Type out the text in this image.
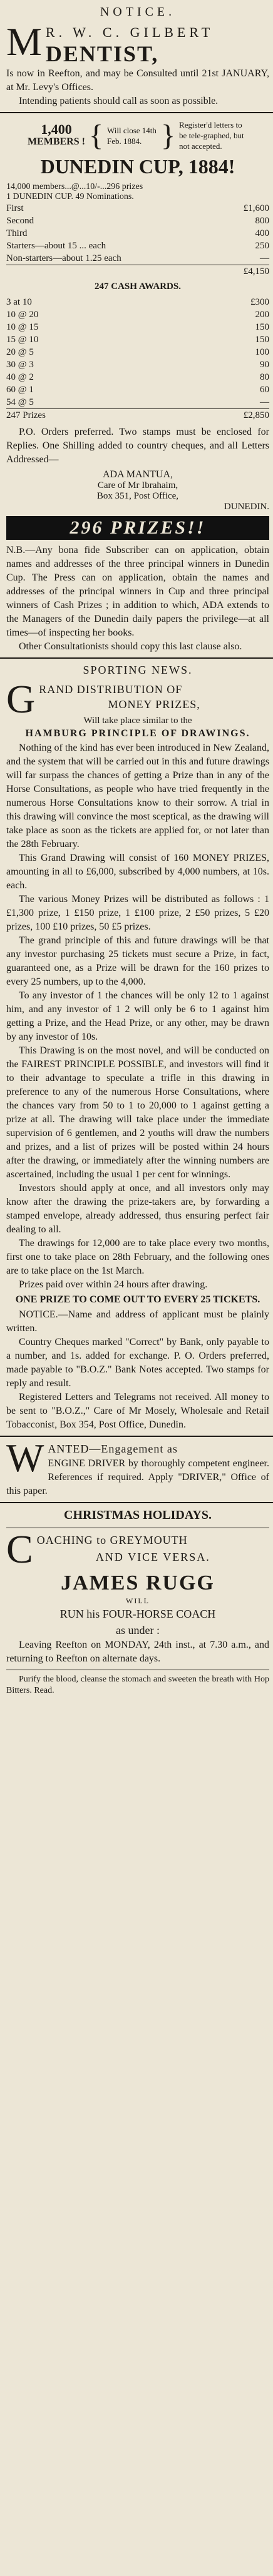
NOTICE.
M R. W. C. GILBERT
DENTIST,

Is now in Reefton, and may be Consulted until 21st JANUARY, at Mr. Levy's Offices.

Intending patients should call as soon as possible.

1,400
MEMBERS ! { Will close 14th Feb. 1884. } Register'd letters to be tele-graphed, but not accepted.
DUNEDIN CUP, 1884!

14,000 members...@...10/-...296 prizes

1 DUNEDIN CUP. 49 Nominations.

First	£1,600
Second	800
Third	400
Starters—about 15 ... each	250
Non-starters—about 1.25 each	—
£4,150
247 CASH AWARDS.
3 at 10	£300
10 @ 20	200
10 @ 15	150
15 @ 10	150
20 @ 5	100
30 @ 3	90
40 @ 2	80
60 @ 1	60
54 @ 5	—
247 Prizes	£2,850

P.O. Orders preferred. Two stamps must be enclosed for Replies. One Shilling added to country cheques, and all Letters Addressed—

ADA MANTUA,

Care of Mr Ibrahaim,

Box 351, Post Office,

DUNEDIN.

296 PRIZES!!

N.B.—Any bona fide Subscriber can on application, obtain names and addresses of the three principal winners in Dunedin Cup. The Press can on application, obtain the names and addresses of the principal winners in Cup and three principal winners of Cash Prizes ; in addition to which, ADA extends to the Managers of the Dunedin daily papers the privilege—at all times—of inspecting her books.

Other Consultationists should copy this last clause also.

SPORTING NEWS.
G RAND DISTRIBUTION OF
MONEY PRIZES,

Will take place similar to the

HAMBURG PRINCIPLE OF DRAWINGS.

Nothing of the kind has ever been introduced in New Zealand, and the system that will be carried out in this and future drawings will far surpass the chances of getting a Prize than in any of the Horse Consultations, as people who have tried frequently in the numerous Horse Consultations know to their sorrow. A trial in this drawing will convince the most sceptical, as the drawing will take place as soon as the tickets are applied for, or not later than the 28th February.

This Grand Drawing will consist of 160 MONEY PRIZES, amounting in all to £6,000, subscribed by 4,000 numbers, at 10s. each.

The various Money Prizes will be distributed as follows : 1 £1,300 prize, 1 £150 prize, 1 £100 prize, 2 £50 prizes, 5 £20 prizes, 100 £10 prizes, 50 £5 prizes.

The grand principle of this and future drawings will be that any investor purchasing 25 tickets must secure a Prize, in fact, guaranteed one, as a Prize will be drawn for the 160 prizes to every 25 numbers, up to the 4,000.

To any investor of 1 the chances will be only 12 to 1 against him, and any investor of 1 2 will only be 6 to 1 against him getting a Prize, and the Head Prize, or any other, may be drawn by any investor of 10s.

This Drawing is on the most novel, and will be conducted on the FAIREST PRINCIPLE POSSIBLE, and investors will find it to their advantage to speculate a trifle in this drawing in preference to any of the numerous Horse Consultations, where the chances vary from 50 to 1 to 20,000 to 1 against getting a prize at all. The drawing will take place under the immediate supervision of 6 gentlemen, and 2 youths will draw the numbers and prizes, and a list of prizes will be posted within 24 hours after the drawing, or immediately after the winning numbers are ascertained, including the usual 1 per cent for winnings.

Investors should apply at once, and all investors only may know after the drawing the prize-takers are, by forwarding a stamped envelope, already addressed, thus ensuring perfect fair dealing to all.

The drawings for 12,000 are to take place every two months, first one to take place on 28th February, and the following ones are to take place on the 1st March.

Prizes paid over within 24 hours after drawing.

ONE PRIZE TO COME OUT TO EVERY 25 TICKETS.

NOTICE.—Name and address of applicant must be plainly written.

Country Cheques marked "Correct" by Bank, only payable to a number, and 1s. added for exchange. P. O. Orders preferred, made payable to "B.O.Z." Bank Notes accepted. Two stamps for reply and result.

Registered Letters and Telegrams not received. All money to be sent to "B.O.Z.," Care of Mr Mosely, Wholesale and Retail Tobacconist, Box 354, Post Office, Dunedin.

W ANTED—Engagement as

ENGINE DRIVER by thoroughly competent engineer. References if required. Apply "DRIVER," Office of this paper.

CHRISTMAS HOLIDAYS.
C OACHING to GREYMOUTH
AND VICE VERSA.
JAMES RUGG
WILL
RUN his FOUR-HORSE COACH
as under :

Leaving Reefton on MONDAY, 24th inst., at 7.30 a.m., and returning to Reefton on alternate days.

Purify the blood, cleanse the stomach and sweeten the breath with Hop Bitters. Read.
